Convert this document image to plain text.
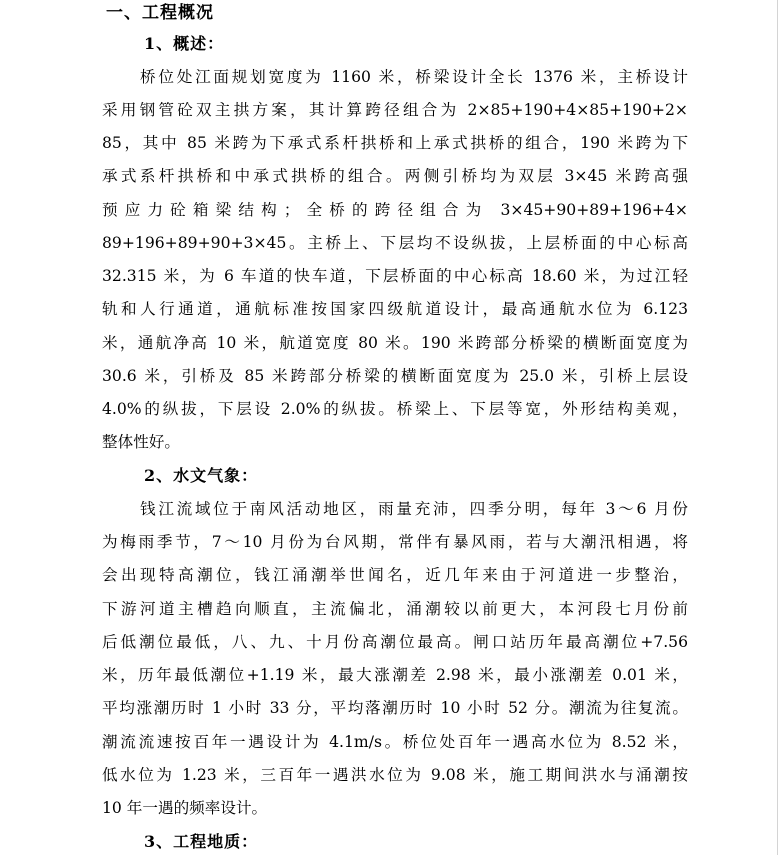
一、工程概况
1、概述：
桥位处江面规划宽度为 1160 米，桥梁设计全长 1376 米，主桥设计
采用钢管砼双主拱方案，其计算跨径组合为 2×85+190+4×85+190+2×
85，其中 85 米跨为下承式系杆拱桥和上承式拱桥的组合，190 米跨为下
承式系杆拱桥和中承式拱桥的组合。两侧引桥均为双层 3×45 米跨高强
预应力砼箱梁结构；全桥的跨径组合为 3×45+90+89+196+4×
89+196+89+90+3×45。主桥上、下层均不设纵拔，上层桥面的中心标高
32.315 米，为 6 车道的快车道，下层桥面的中心标高 18.60 米，为过江轻
轨和人行通道，通航标准按国家四级航道设计，最高通航水位为 6.123
米，通航净高 10 米，航道宽度 80 米。190 米跨部分桥梁的横断面宽度为
30.6 米，引桥及 85 米跨部分桥梁的横断面宽度为 25.0 米，引桥上层设
4.0%的纵拔，下层设 2.0%的纵拔。桥梁上、下层等宽，外形结构美观，
整体性好。
2、水文气象：
钱江流域位于南风活动地区，雨量充沛，四季分明，每年 3～6 月份
为梅雨季节，7～10 月份为台风期，常伴有暴风雨，若与大潮汛相遇，将
会出现特高潮位，钱江涌潮举世闻名，近几年来由于河道进一步整治，
下游河道主槽趋向顺直，主流偏北，涌潮较以前更大，本河段七月份前
后低潮位最低，八、九、十月份高潮位最高。闸口站历年最高潮位+7.56
米，历年最低潮位+1.19 米，最大涨潮差 2.98 米，最小涨潮差 0.01 米，
平均涨潮历时 1 小时 33 分，平均落潮历时 10 小时 52 分。潮流为往复流。
潮流流速按百年一遇设计为 4.1m/s。桥位处百年一遇高水位为 8.52 米，
低水位为 1.23 米，三百年一遇洪水位为 9.08 米，施工期间洪水与涌潮按
10 年一遇的频率设计。
3、工程地质：
